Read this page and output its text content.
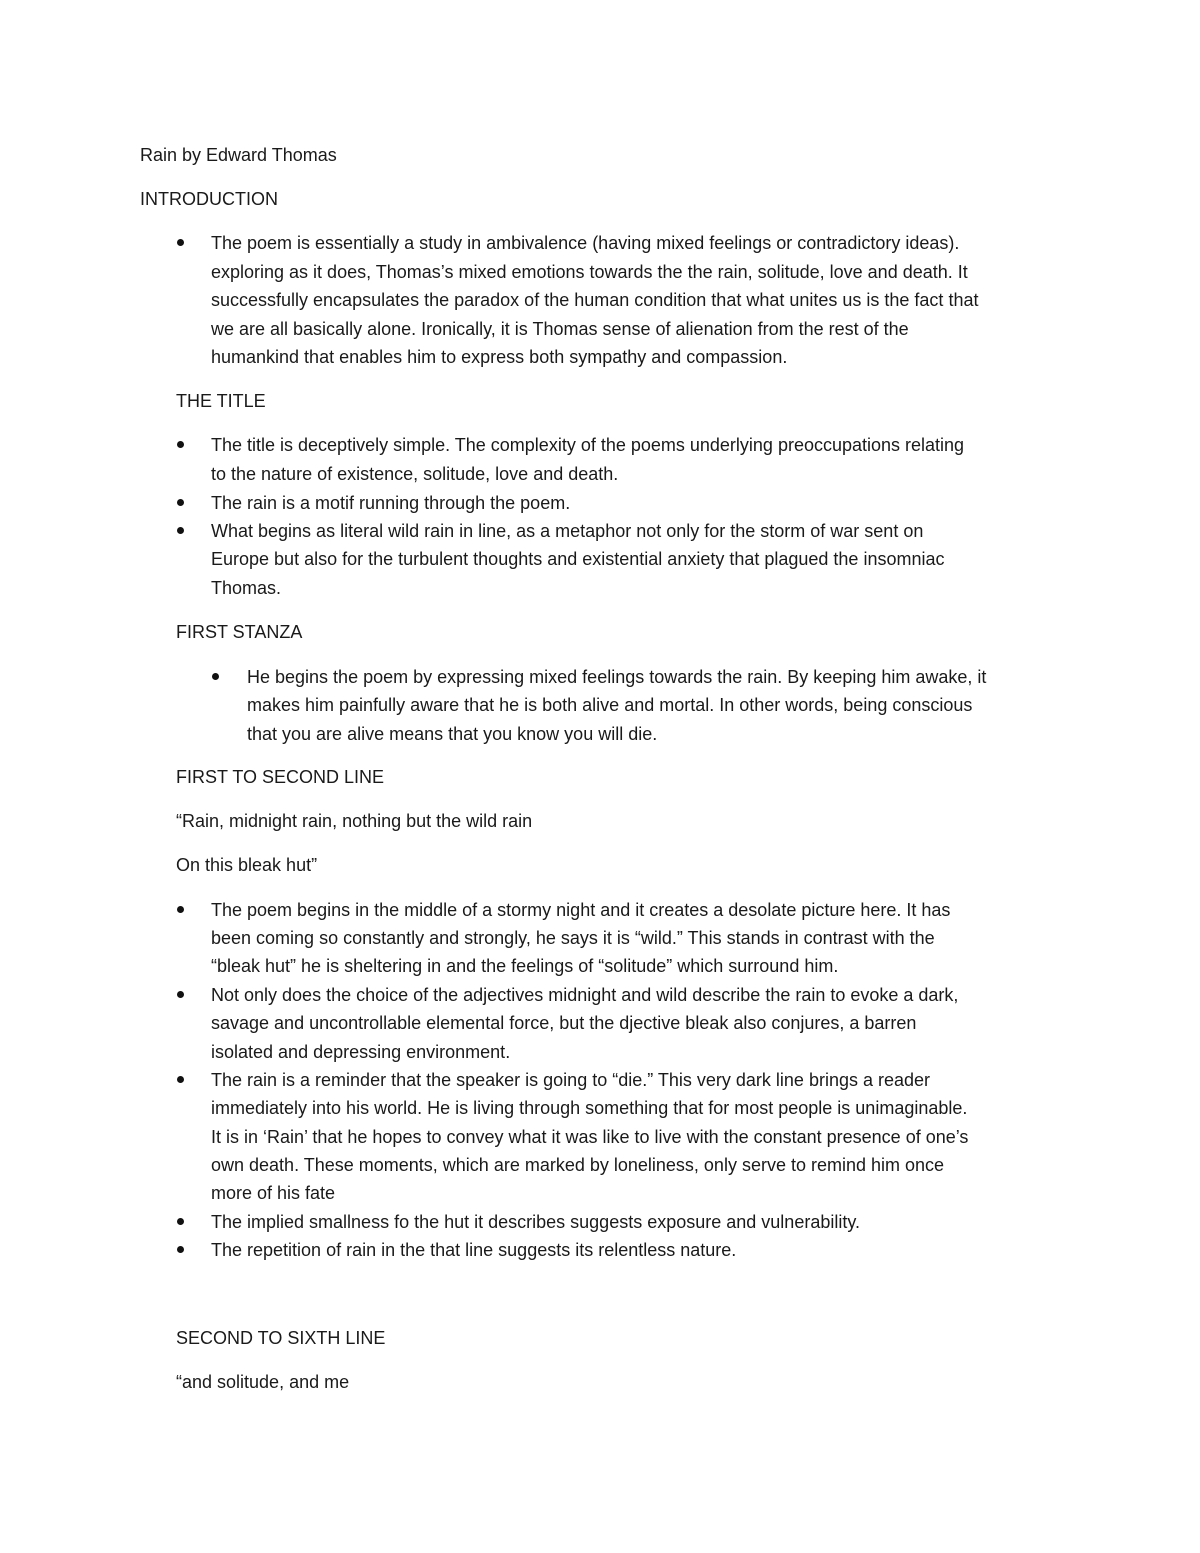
Rain by Edward Thomas

INTRODUCTION

The poem is essentially a study in ambivalence (having mixed feelings or contradictory ideas).

exploring as it does, Thomas’s mixed emotions towards the the rain, solitude, love and death. It

successfully encapsulates the paradox of the human condition that what unites us is the fact that

we are all basically alone. Ironically, it is Thomas sense of alienation from the rest of the

humankind that enables him to express both sympathy and compassion.

THE TITLE

The title is deceptively simple. The complexity of the poems underlying preoccupations relating

to the nature of existence, solitude, love and death.

The rain is a motif running through the poem.

What begins as literal wild rain in line, as a metaphor not only for the storm of war sent on

Europe but also for the turbulent thoughts and existential anxiety that plagued the insomniac

Thomas.

FIRST STANZA

He begins the poem by expressing mixed feelings towards the rain. By keeping him awake, it

makes him painfully aware that he is both alive and mortal. In other words, being conscious

that you are alive means that you know you will die.

FIRST TO SECOND LINE

“Rain, midnight rain, nothing but the wild rain

On this bleak hut”

The poem begins in the middle of a stormy night and it creates a desolate picture here. It has

been coming so constantly and strongly, he says it is “wild.” This stands in contrast with the

“bleak hut” he is sheltering in and the feelings of “solitude” which surround him.

Not only does the choice of the adjectives midnight and wild describe the rain to evoke a dark,

savage and uncontrollable elemental force, but the djective bleak also conjures, a barren

isolated and depressing environment.

The rain is a reminder that the speaker is going to “die.” This very dark line brings a reader

immediately into his world. He is living through something that for most people is unimaginable.

It is in ‘Rain’ that he hopes to convey what it was like to live with the constant presence of one’s

own death. These moments, which are marked by loneliness, only serve to remind him once

more of his fate

The implied smallness fo the hut it describes suggests exposure and vulnerability.

The repetition of rain in the that line suggests its relentless nature.

SECOND TO SIXTH LINE

“and solitude, and me
